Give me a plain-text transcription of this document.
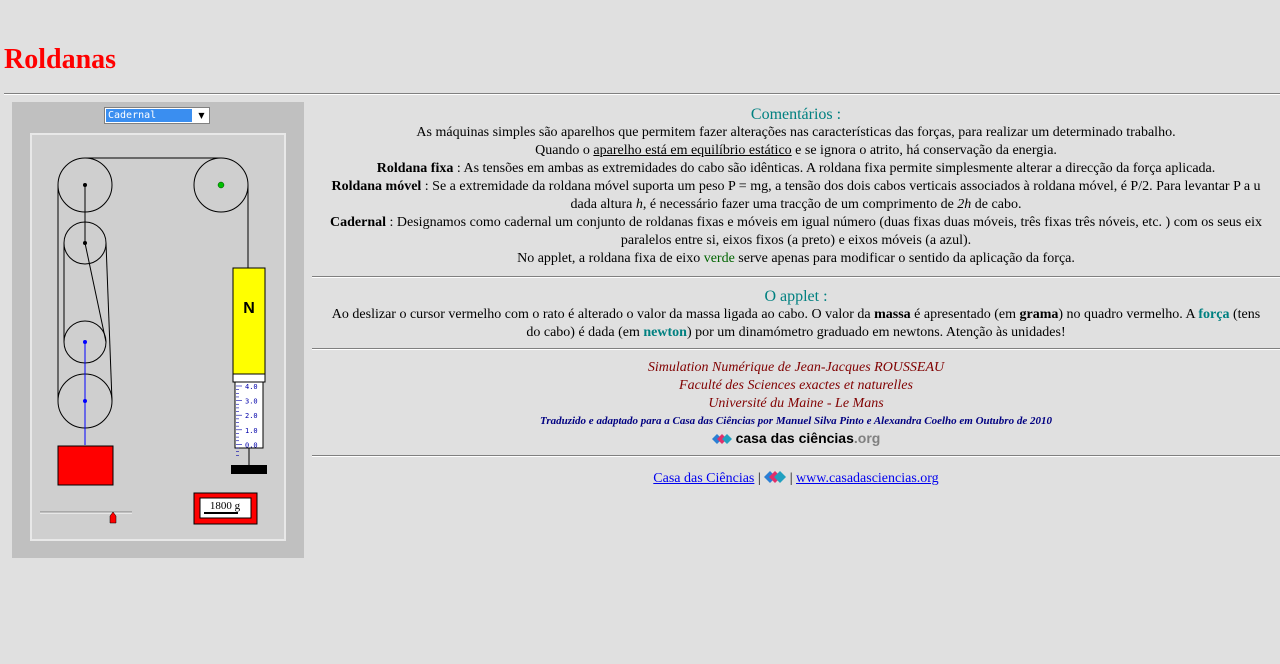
Roldanas
Cadernal	▼
N
4.0
3.0
2.0
1.0
0.0
1800 g
Comentários :
As máquinas simples são aparelhos que permitem fazer alterações nas características das forças, para realizar um determinado trabalho.
Quando o aparelho está em equilíbrio estático e se ignora o atrito, há conservação da energia.
Roldana fixa : As tensões em ambas as extremidades do cabo são idênticas. A roldana fixa permite simplesmente alterar a direcção da força aplicada.
Roldana móvel : Se a extremidade da roldana móvel suporta um peso P = mg, a tensão dos dois cabos verticais associados à roldana móvel, é P/2. Para levantar P a u
dada altura h, é necessário fazer uma tracção de um comprimento de 2h de cabo.
Cadernal : Designamos como cadernal um conjunto de roldanas fixas e móveis em igual número (duas fixas duas móveis, três fixas três nóveis, etc. ) com os seus eix
paralelos entre si, eixos fixos (a preto) e eixos móveis (a azul).
No applet, a roldana fixa de eixo verde serve apenas para modificar o sentido da aplicação da força.
O applet :
Ao deslizar o cursor vermelho com o rato é alterado o valor da massa ligada ao cabo. O valor da massa é apresentado (em grama) no quadro vermelho. A força (tens
do cabo) é dada (em newton) por um dinamómetro graduado em newtons. Atenção às unidades!
Simulation Numérique de Jean-Jacques ROUSSEAU
Faculté des Sciences exactes et naturelles
Université du Maine - Le Mans
Traduzido e adaptado para a Casa das Ciências por Manuel Silva Pinto e Alexandra Coelho em Outubro de 2010
casa das ciências.org
Casa das Ciências | | www.casadasciencias.org
